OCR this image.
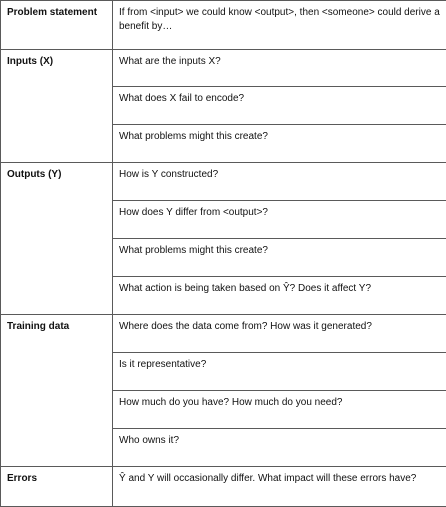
Problem statement	If from <input> we could know <output>, then <someone> could derive a benefit by…
Inputs (X)	What are the inputs X?
	What does X fail to encode?
	What problems might this create?
Outputs (Y)	How is Y constructed?
	How does Y differ from <output>?
	What problems might this create?
	What action is being taken based on Ŷ? Does it affect Y?
Training data	Where does the data come from? How was it generated?
	Is it representative?
	How much do you have? How much do you need?
	Who owns it?
Errors	Ŷ and Y will occasionally differ. What impact will these errors have?
